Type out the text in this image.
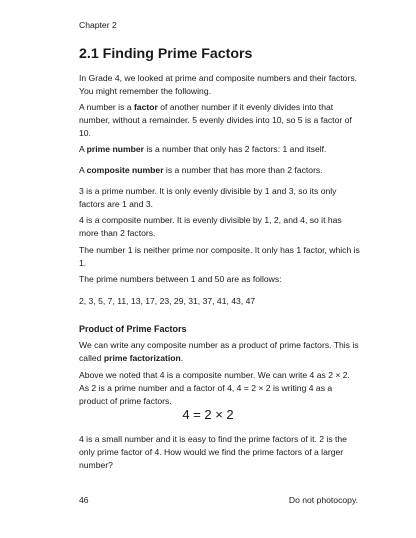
Chapter 2
2.1 Finding Prime Factors

In Grade 4, we looked at prime and composite numbers and their factors. You might remember the following.

A number is a factor of another number if it evenly divides into that number, without a remainder. 5 evenly divides into 10, so 5 is a factor of 10.

A prime number is a number that only has 2 factors: 1 and itself.

A composite number is a number that has more than 2 factors.

3 is a prime number. It is only evenly divisible by 1 and 3, so its only factors are 1 and 3.

4 is a composite number. It is evenly divisible by 1, 2, and 4, so it has more than 2 factors.

The number 1 is neither prime nor composite. It only has 1 factor, which is 1.

The prime numbers between 1 and 50 are as follows:

2, 3, 5, 7, 11, 13, 17, 23, 29, 31, 37, 41, 43, 47

Product of Prime Factors

We can write any composite number as a product of prime factors. This is called prime factorization.

Above we noted that 4 is a composite number. We can write 4 as 2 × 2. As 2 is a prime number and a factor of 4, 4 = 2 × 2 is writing 4 as a product of prime factors.

4 = 2 × 2

4 is a small number and it is easy to find the prime factors of it. 2 is the only prime factor of 4. How would we find the prime factors of a larger number?

46	Do not photocopy.
